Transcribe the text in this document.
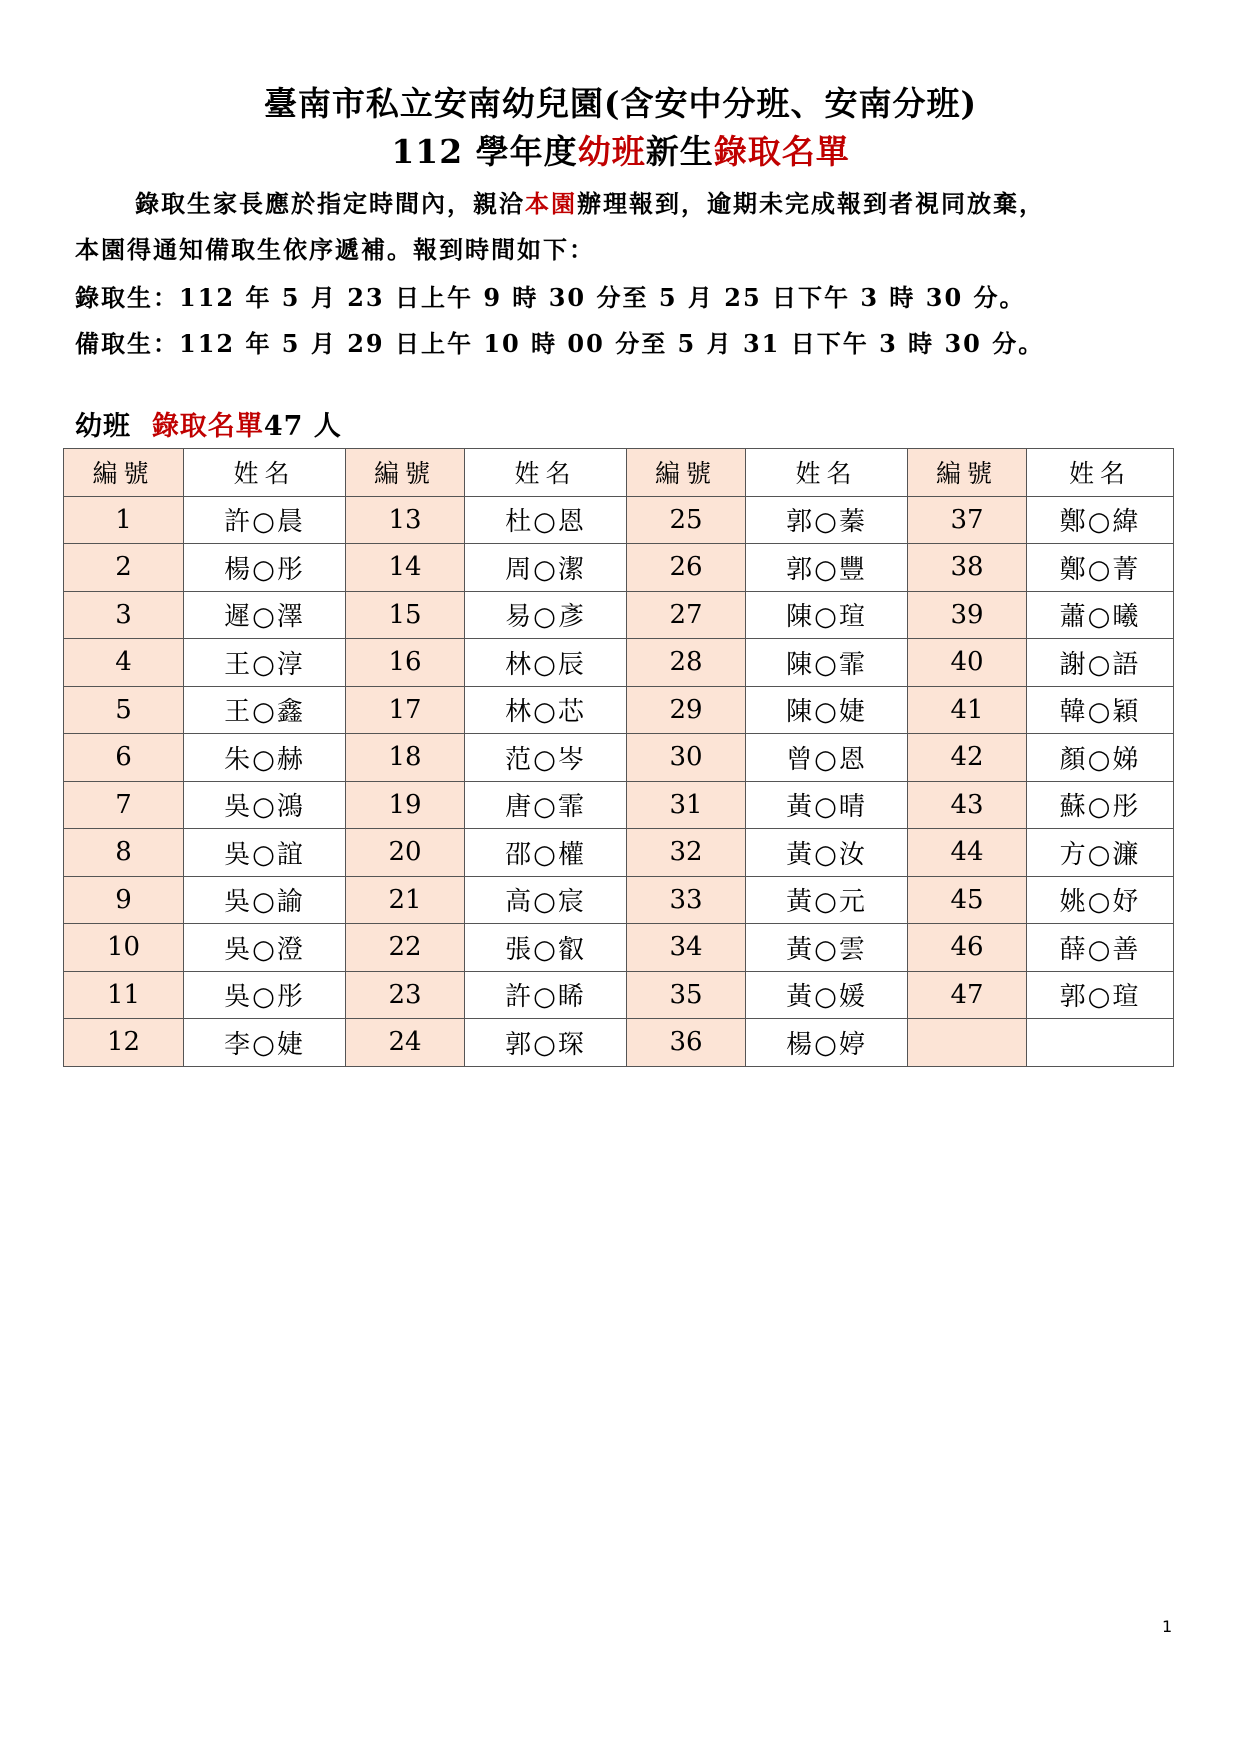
臺南市私立安南幼兒園(含安中分班、安南分班)
112 學年度幼班新生錄取名單
錄取生家長應於指定時間內，親洽本園辦理報到，逾期未完成報到者視同放棄，
本園得通知備取生依序遞補。報到時間如下：
錄取生：112 年 5 月 23 日上午 9 時 30 分至 5 月 25 日下午 3 時 30 分。
備取生：112 年 5 月 29 日上午 10 時 00 分至 5 月 31 日下午 3 時 30 分。
幼班 錄取名單47 人
編號	姓名	編號	姓名	編號	姓名	編號	姓名
1	許○晨	13	杜○恩	25	郭○蓁	37	鄭○緯
2	楊○彤	14	周○潔	26	郭○豐	38	鄭○菁
3	遲○澤	15	易○彥	27	陳○瑄	39	蕭○曦
4	王○淳	16	林○辰	28	陳○霏	40	謝○語
5	王○鑫	17	林○芯	29	陳○婕	41	韓○穎
6	朱○赫	18	范○岑	30	曾○恩	42	顏○娣
7	吳○鴻	19	唐○霏	31	黃○晴	43	蘇○彤
8	吳○誼	20	邵○權	32	黃○汝	44	方○濂
9	吳○諭	21	高○宸	33	黃○元	45	姚○妤
10	吳○澄	22	張○叡	34	黃○雲	46	薛○善
11	吳○彤	23	許○睎	35	黃○媛	47	郭○瑄
12	李○婕	24	郭○琛	36	楊○婷		
1
